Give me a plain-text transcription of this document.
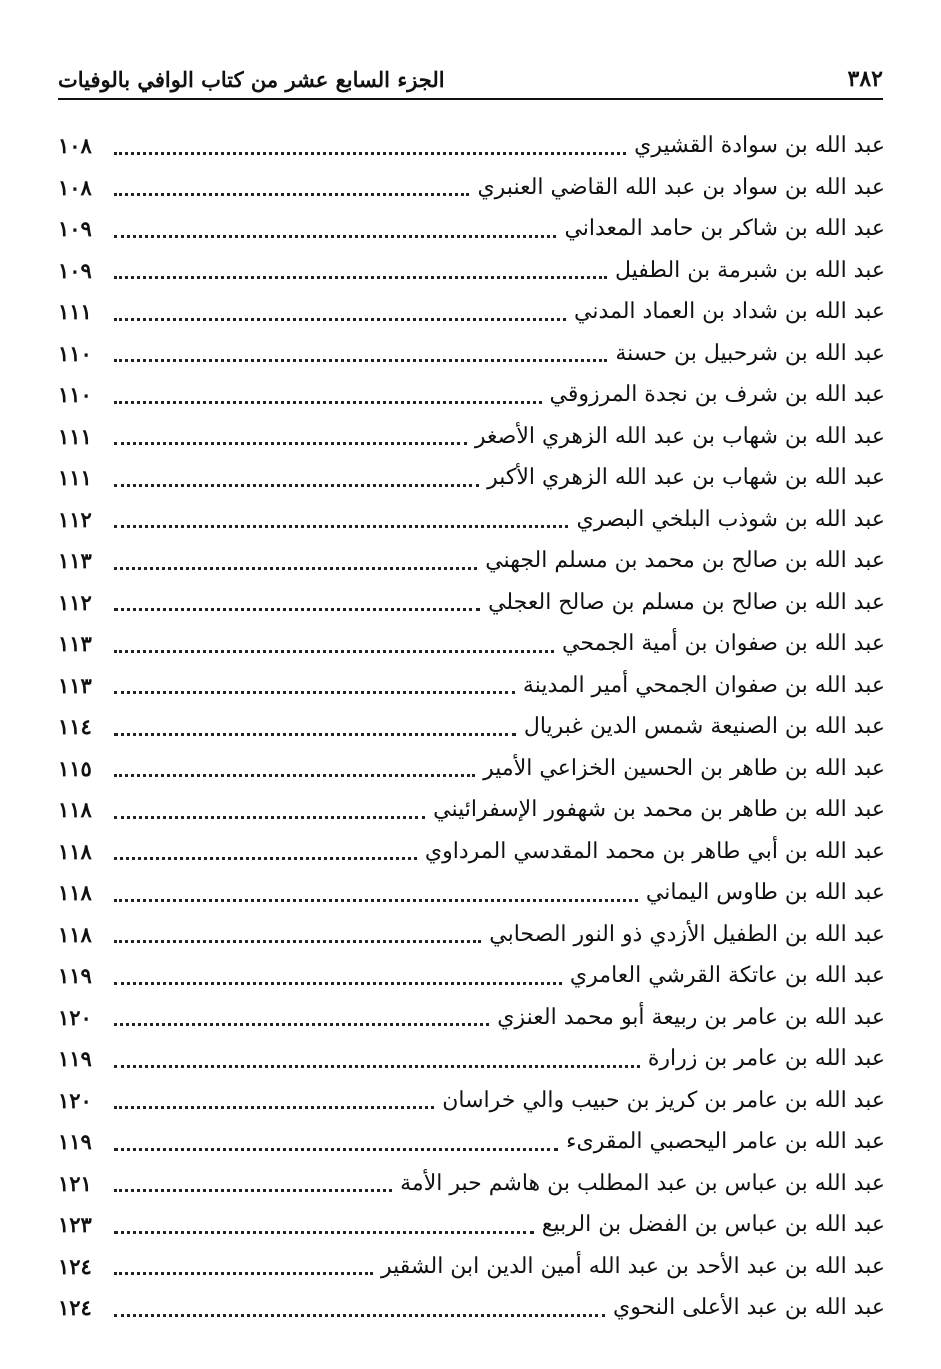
٣٨٢
الجزء السابع عشر من كتاب الوافي بالوفيات
عبد الله بن سوادة القشيري
١٠٨
عبد الله بن سواد بن عبد الله القاضي العنبري
١٠٨
عبد الله بن شاكر بن حامد المعداني
١٠٩
عبد الله بن شبرمة بن الطفيل
١٠٩
عبد الله بن شداد بن العماد المدني
١١١
عبد الله بن شرحبيل بن حسنة
١١٠
عبد الله بن شرف بن نجدة المرزوقي
١١٠
عبد الله بن شهاب بن عبد الله الزهري الأصغر
١١١
عبد الله بن شهاب بن عبد الله الزهري الأكبر
١١١
عبد الله بن شوذب البلخي البصري
١١٢
عبد الله بن صالح بن محمد بن مسلم الجهني
١١٣
عبد الله بن صالح بن مسلم بن صالح العجلي
١١٢
عبد الله بن صفوان بن أمية الجمحي
١١٣
عبد الله بن صفوان الجمحي أمير المدينة
١١٣
عبد الله بن الصنيعة شمس الدين غبريال
١١٤
عبد الله بن طاهر بن الحسين الخزاعي الأمير
١١٥
عبد الله بن طاهر بن محمد بن شهفور الإسفرائيني
١١٨
عبد الله بن أبي طاهر بن محمد المقدسي المرداوي
١١٨
عبد الله بن طاوس اليماني
١١٨
عبد الله بن الطفيل الأزدي ذو النور الصحابي
١١٨
عبد الله بن عاتكة القرشي العامري
١١٩
عبد الله بن عامر بن ربيعة أبو محمد العنزي
١٢٠
عبد الله بن عامر بن زرارة
١١٩
عبد الله بن عامر بن كريز بن حبيب والي خراسان
١٢٠
عبد الله بن عامر اليحصبي المقرىء
١١٩
عبد الله بن عباس بن عبد المطلب بن هاشم حبر الأمة
١٢١
عبد الله بن عباس بن الفضل بن الربيع
١٢٣
عبد الله بن عبد الأحد بن عبد الله أمين الدين ابن الشقير
١٢٤
عبد الله بن عبد الأعلى النحوي
١٢٤
